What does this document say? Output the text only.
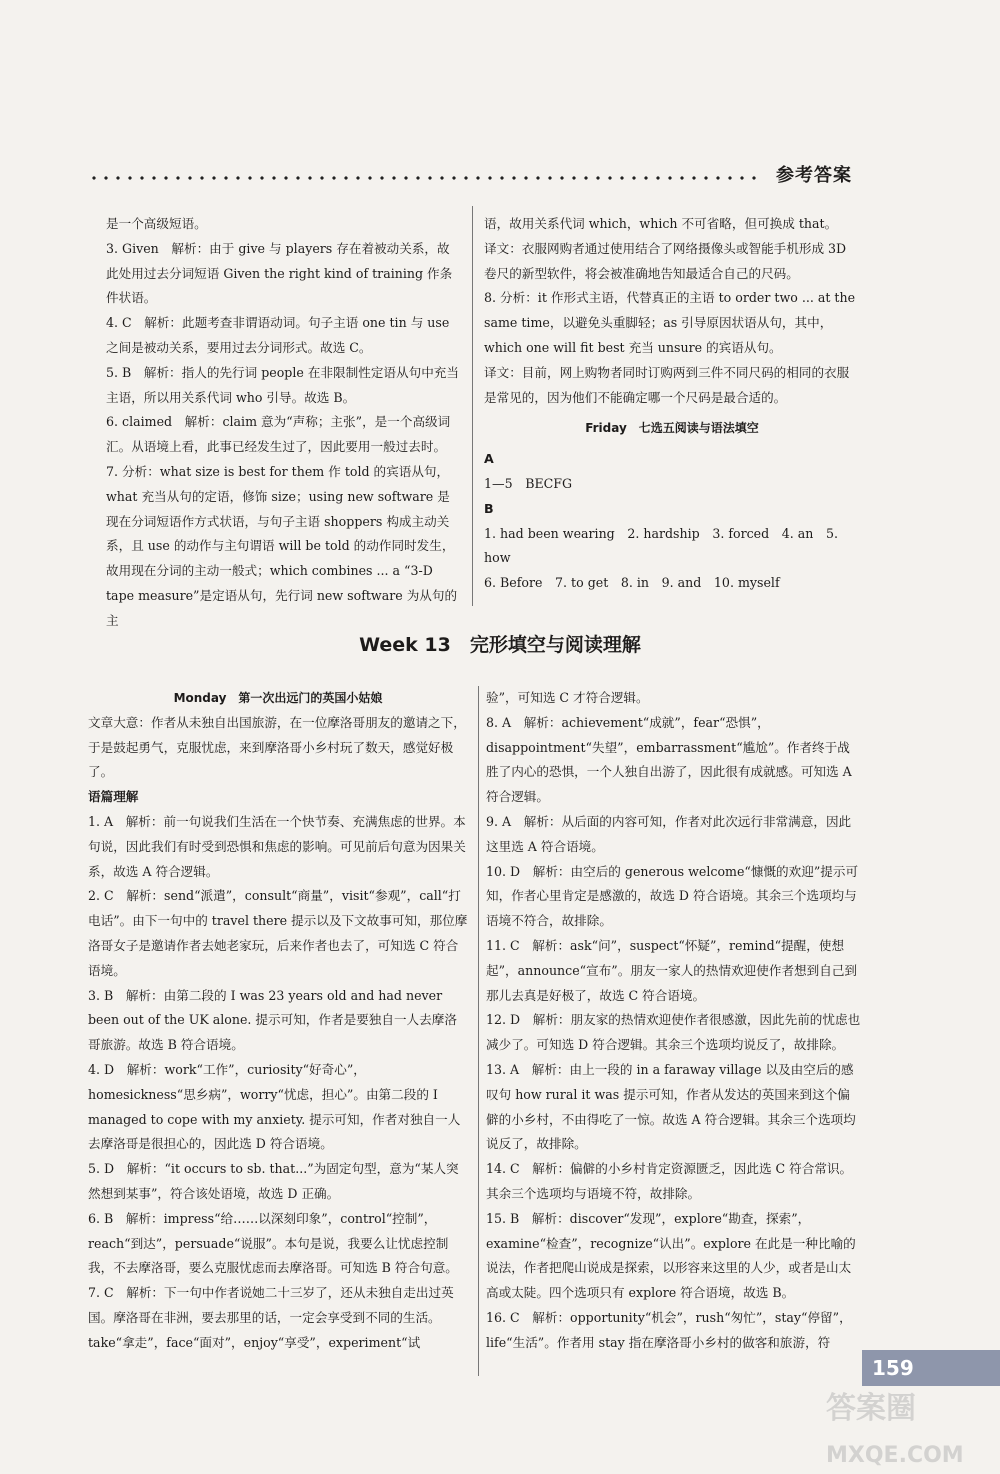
参考答案

是一个高级短语。

3. Given　解析：由于 give 与 players 存在着被动关系，故此处用过去分词短语 Given the right kind of training 作条件状语。

4. C　解析：此题考查非谓语动词。句子主语 one tin 与 use 之间是被动关系，要用过去分词形式。故选 C。

5. B　解析：指人的先行词 people 在非限制性定语从句中充当主语，所以用关系代词 who 引导。故选 B。

6. claimed　解析：claim 意为“声称；主张”，是一个高级词汇。从语境上看，此事已经发生过了，因此要用一般过去时。

7. 分析：what size is best for them 作 told 的宾语从句，what 充当从句的定语，修饰 size；using new software 是现在分词短语作方式状语，与句子主语 shoppers 构成主动关系，且 use 的动作与主句谓语 will be told 的动作同时发生，故用现在分词的主动一般式；which combines ... a “3-D tape measure”是定语从句，先行词 new software 为从句的主

语，故用关系代词 which，which 不可省略，但可换成 that。

译文：衣服网购者通过使用结合了网络摄像头或智能手机形成 3D 卷尺的新型软件，将会被准确地告知最适合自己的尺码。

8. 分析：it 作形式主语，代替真正的主语 to order two ... at the same time，以避免头重脚轻；as 引导原因状语从句，其中，which one will fit best 充当 unsure 的宾语从句。

译文：目前，网上购物者同时订购两到三件不同尺码的相同的衣服是常见的，因为他们不能确定哪一个尺码是最合适的。

Friday　七选五阅读与语法填空

A

1—5　BECFG

B

1. had been wearing　2. hardship　3. forced　4. an　5. how

6. Before　7. to get　8. in　9. and　10. myself

Week 13　完形填空与阅读理解

Monday　第一次出远门的英国小姑娘

文章大意：作者从未独自出国旅游，在一位摩洛哥朋友的邀请之下，于是鼓起勇气，克服忧虑，来到摩洛哥小乡村玩了数天，感觉好极了。

语篇理解

1. A　解析：前一句说我们生活在一个快节奏、充满焦虑的世界。本句说，因此我们有时受到恐惧和焦虑的影响。可见前后句意为因果关系，故选 A 符合逻辑。

2. C　解析：send“派遣”，consult“商量”，visit“参观”，call“打电话”。由下一句中的 travel there 提示以及下文故事可知，那位摩洛哥女子是邀请作者去她老家玩，后来作者也去了，可知选 C 符合语境。

3. B　解析：由第二段的 I was 23 years old and had never been out of the UK alone. 提示可知，作者是要独自一人去摩洛哥旅游。故选 B 符合语境。

4. D　解析：work“工作”，curiosity“好奇心”，homesickness“思乡病”，worry“忧虑，担心”。由第二段的 I managed to cope with my anxiety. 提示可知，作者对独自一人去摩洛哥是很担心的，因此选 D 符合语境。

5. D　解析：“it occurs to sb. that...”为固定句型，意为“某人突然想到某事”，符合该处语境，故选 D 正确。

6. B　解析：impress“给……以深刻印象”，control“控制”，reach“到达”，persuade“说服”。本句是说，我要么让忧虑控制我，不去摩洛哥，要么克服忧虑而去摩洛哥。可知选 B 符合句意。

7. C　解析：下一句中作者说她二十三岁了，还从未独自走出过英国。摩洛哥在非洲，要去那里的话，一定会享受到不同的生活。take“拿走”，face“面对”，enjoy“享受”，experiment“试

验”，可知选 C 才符合逻辑。

8. A　解析：achievement“成就”，fear“恐惧”，disappointment“失望”，embarrassment“尴尬”。作者终于战胜了内心的恐惧，一个人独自出游了，因此很有成就感。可知选 A 符合逻辑。

9. A　解析：从后面的内容可知，作者对此次远行非常满意，因此这里选 A 符合语境。

10. D　解析：由空后的 generous welcome“慷慨的欢迎”提示可知，作者心里肯定是感激的，故选 D 符合语境。其余三个选项均与语境不符合，故排除。

11. C　解析：ask“问”，suspect“怀疑”，remind“提醒，使想起”，announce“宣布”。朋友一家人的热情欢迎使作者想到自己到那儿去真是好极了，故选 C 符合语境。

12. D　解析：朋友家的热情欢迎使作者很感激，因此先前的忧虑也减少了。可知选 D 符合逻辑。其余三个选项均说反了，故排除。

13. A　解析：由上一段的 in a faraway village 以及由空后的感叹句 how rural it was 提示可知，作者从发达的英国来到这个偏僻的小乡村，不由得吃了一惊。故选 A 符合逻辑。其余三个选项均说反了，故排除。

14. C　解析：偏僻的小乡村肯定资源匮乏，因此选 C 符合常识。其余三个选项均与语境不符，故排除。

15. B　解析：discover“发现”，explore“勘查，探索”，examine“检查”，recognize“认出”。explore 在此是一种比喻的说法，作者把爬山说成是探索，以形容来这里的人少，或者是山太高或太陡。四个选项只有 explore 符合语境，故选 B。

16. C　解析：opportunity“机会”，rush“匆忙”，stay“停留”，life“生活”。作者用 stay 指在摩洛哥小乡村的做客和旅游，符

159
答案圈
MXQE.COM
